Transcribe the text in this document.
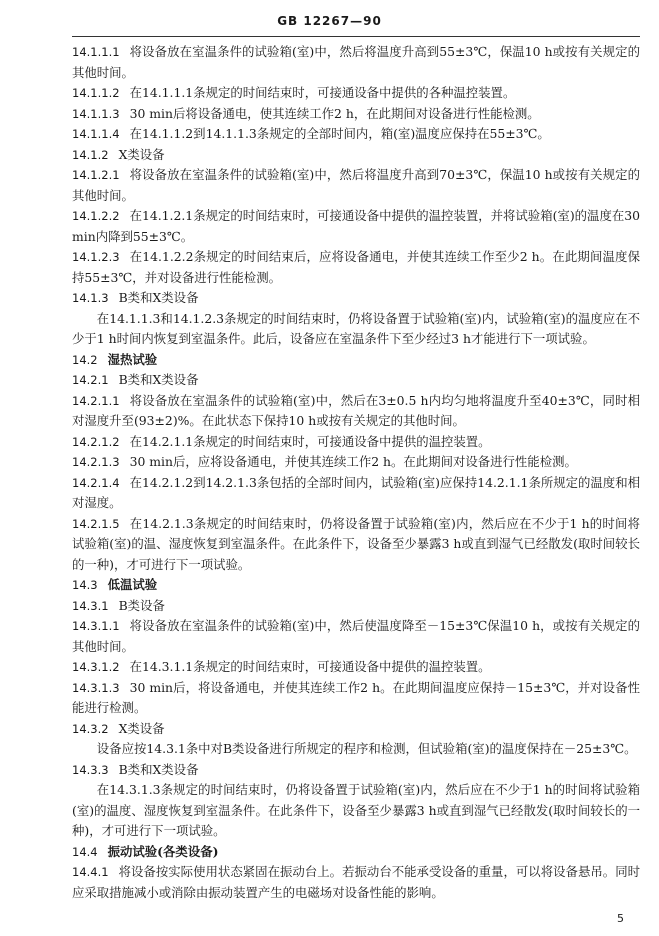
GB 12267—90

14.1.1.1 将设备放在室温条件的试验箱(室)中，然后将温度升高到55±3℃，保温10 h或按有关规定的其他时间。

14.1.1.2 在14.1.1.1条规定的时间结束时，可接通设备中提供的各种温控装置。

14.1.1.3 30 min后将设备通电，使其连续工作2 h，在此期间对设备进行性能检测。

14.1.1.4 在14.1.1.2到14.1.1.3条规定的全部时间内，箱(室)温度应保持在55±3℃。

14.1.2 X类设备

14.1.2.1 将设备放在室温条件的试验箱(室)中，然后将温度升高到70±3℃，保温10 h或按有关规定的其他时间。

14.1.2.2 在14.1.2.1条规定的时间结束时，可接通设备中提供的温控装置，并将试验箱(室)的温度在30 min内降到55±3℃。

14.1.2.3 在14.1.2.2条规定的时间结束后，应将设备通电，并使其连续工作至少2 h。在此期间温度保持55±3℃，并对设备进行性能检测。

14.1.3 B类和X类设备

在14.1.1.3和14.1.2.3条规定的时间结束时，仍将设备置于试验箱(室)内，试验箱(室)的温度应在不少于1 h时间内恢复到室温条件。此后，设备应在室温条件下至少经过3 h才能进行下一项试验。

14.2 湿热试验

14.2.1 B类和X类设备

14.2.1.1 将设备放在室温条件的试验箱(室)中，然后在3±0.5 h内均匀地将温度升至40±3℃，同时相对湿度升至(93±2)%。在此状态下保持10 h或按有关规定的其他时间。

14.2.1.2 在14.2.1.1条规定的时间结束时，可接通设备中提供的温控装置。

14.2.1.3 30 min后，应将设备通电，并使其连续工作2 h。在此期间对设备进行性能检测。

14.2.1.4 在14.2.1.2到14.2.1.3条包括的全部时间内，试验箱(室)应保持14.2.1.1条所规定的温度和相对湿度。

14.2.1.5 在14.2.1.3条规定的时间结束时，仍将设备置于试验箱(室)内，然后应在不少于1 h的时间将试验箱(室)的温、湿度恢复到室温条件。在此条件下，设备至少暴露3 h或直到湿气已经散发(取时间较长的一种)，才可进行下一项试验。

14.3 低温试验

14.3.1 B类设备

14.3.1.1 将设备放在室温条件的试验箱(室)中，然后使温度降至－15±3℃保温10 h，或按有关规定的其他时间。

14.3.1.2 在14.3.1.1条规定的时间结束时，可接通设备中提供的温控装置。

14.3.1.3 30 min后，将设备通电，并使其连续工作2 h。在此期间温度应保持－15±3℃，并对设备性能进行检测。

14.3.2 X类设备

设备应按14.3.1条中对B类设备进行所规定的程序和检测，但试验箱(室)的温度保持在－25±3℃。

14.3.3 B类和X类设备

在14.3.1.3条规定的时间结束时，仍将设备置于试验箱(室)内，然后应在不少于1 h的时间将试验箱(室)的温度、湿度恢复到室温条件。在此条件下，设备至少暴露3 h或直到湿气已经散发(取时间较长的一种)，才可进行下一项试验。

14.4 振动试验(各类设备)

14.4.1 将设备按实际使用状态紧固在振动台上。若振动台不能承受设备的重量，可以将设备悬吊。同时应采取措施减小或消除由振动装置产生的电磁场对设备性能的影响。

5
